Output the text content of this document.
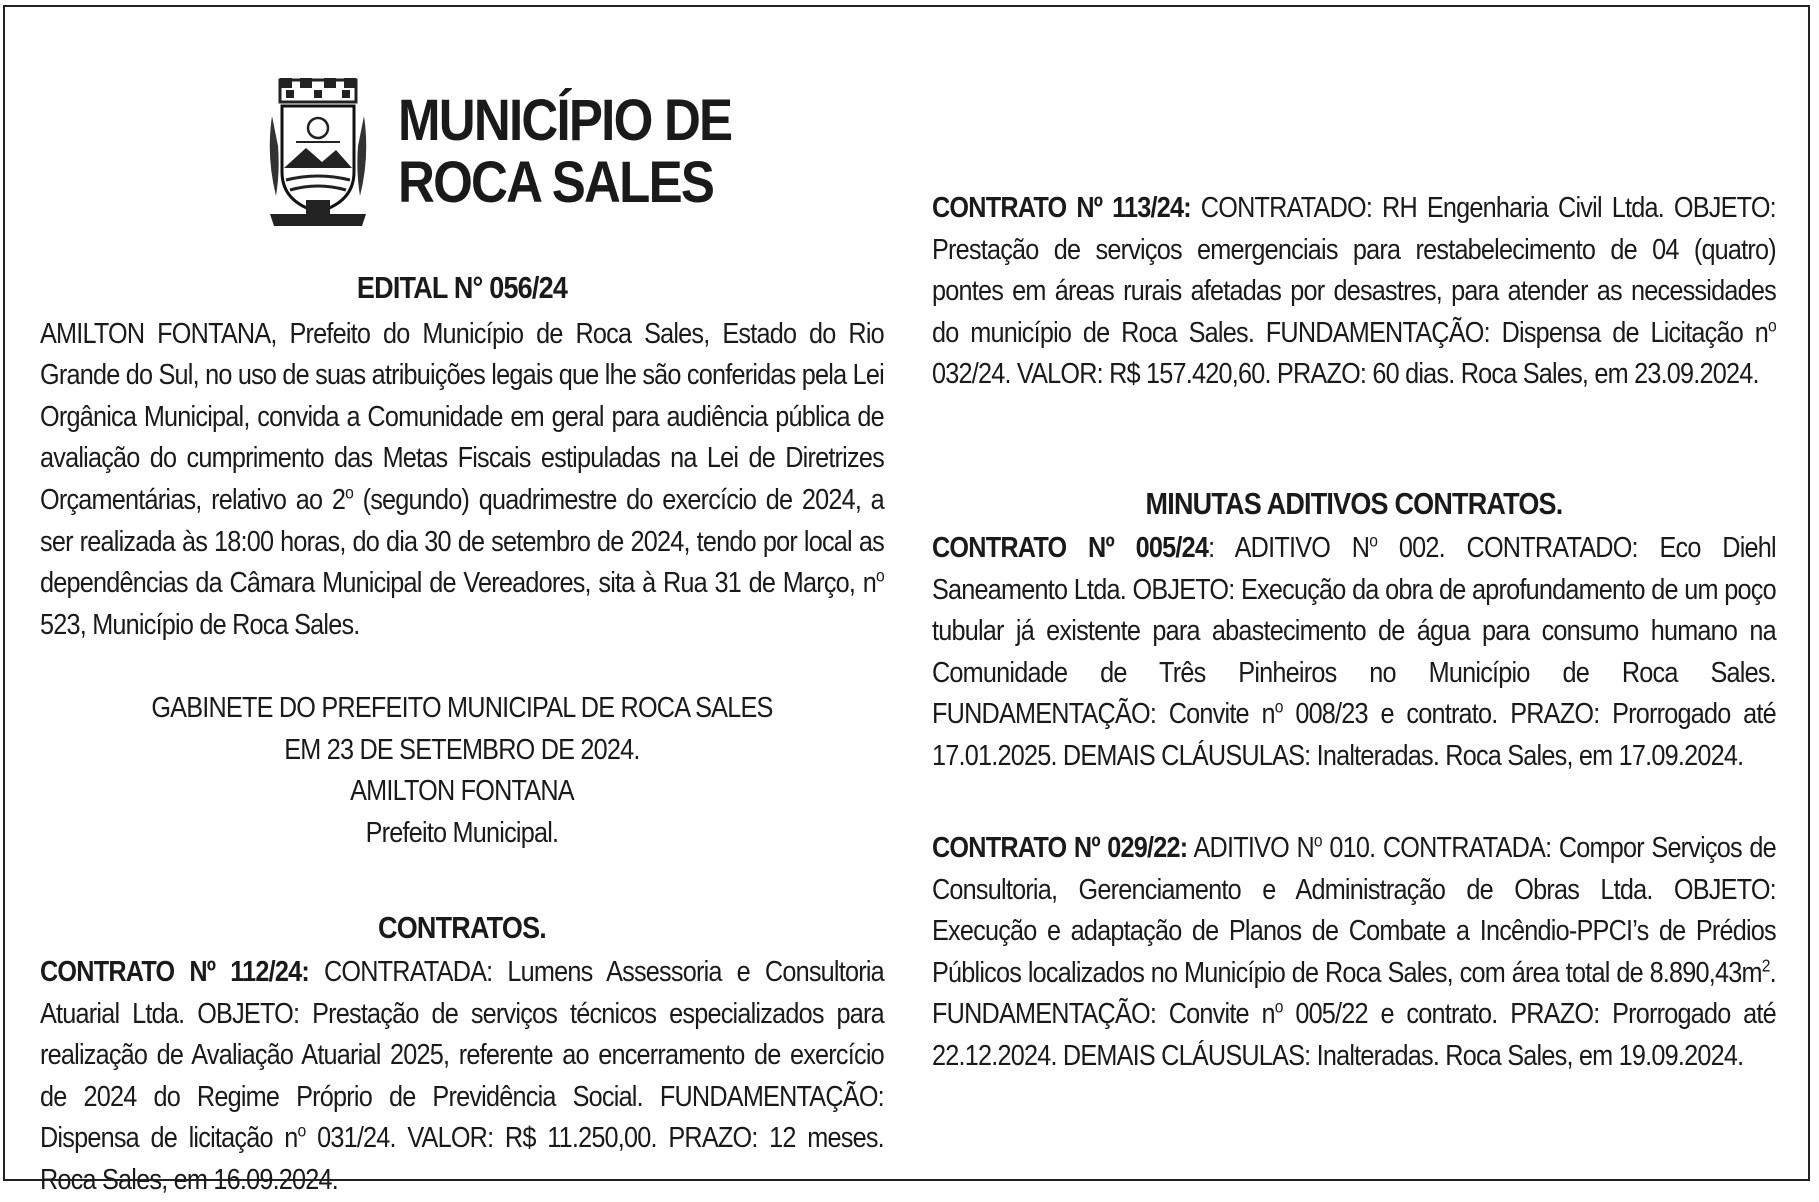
MUNICÍPIO DE
ROCA SALES
EDITAL N° 056/24
AMILTON FONTANA, Prefeito do Município de Roca Sales, Estado do Rio Grande do Sul, no uso de suas atribuições legais que lhe são conferidas pela Lei Orgânica Municipal, convida a Comunidade em geral para audiência pública de avaliação do cumprimento das Metas Fiscais estipuladas na Lei de Diretrizes Orçamentárias, relativo ao 2$^o$ (segundo) quadrimestre do exercício de 2024, a ser realizada às 18:00 horas, do dia 30 de setembro de 2024, tendo por local as dependências da Câmara Municipal de Vereadores, sita à Rua 31 de Março, $n^o$ 523, Município de Roca Sales.
GABINETE DO PREFEITO MUNICIPAL DE ROCA SALES
EM 23 DE SETEMBRO DE 2024.
AMILTON FONTANA
Prefeito Municipal.
CONTRATOS.
CONTRATO Nº 112/24: CONTRATADA: Lumens Assessoria e Consultoria Atuarial Ltda. OBJETO: Prestação de serviços técnicos especializados para realização de Avaliação Atuarial 2025, referente ao encerramento de exercício de 2024 do Regime Próprio de Previdência Social. FUNDAMENTAÇÃO: Dispensa de licitação $n^o$ 031/24. VALOR: R$ 11.250,00. PRAZO: 12 meses. Roca Sales, em 16.09.2024.
CONTRATO Nº 113/24: CONTRATADO: RH Engenharia Civil Ltda. OBJETO: Prestação de serviços emergenciais para restabelecimento de 04 (quatro) pontes em áreas rurais afetadas por desastres, para atender as necessidades do município de Roca Sales. FUNDAMENTAÇÃO: Dispensa de Licitação $n^o$ 032/24. VALOR: R$ 157.420,60. PRAZO: 60 dias. Roca Sales, em 23.09.2024.
MINUTAS ADITIVOS CONTRATOS.
CONTRATO Nº 005/24: ADITIVO $N^o$ 002. CONTRATADO: Eco Diehl Saneamento Ltda. OBJETO: Execução da obra de aprofundamento de um poço tubular já existente para abastecimento de água para consumo humano na Comunidade de Três Pinheiros no Município de Roca Sales. FUNDAMENTAÇÃO: Convite $n^o$ 008/23 e contrato. PRAZO: Prorrogado até 17.01.2025. DEMAIS CLÁUSULAS: Inalteradas. Roca Sales, em 17.09.2024.
CONTRATO Nº 029/22: ADITIVO $N^o$ 010. CONTRATADA: Compor Serviços de Consultoria, Gerenciamento e Administração de Obras Ltda. OBJETO: Execução e adaptação de Planos de Combate a Incêndio-PPCI’s de Prédios Públicos localizados no Município de Roca Sales, com área total de $8.890,43m^2$. FUNDAMENTAÇÃO: Convite $n^o$ 005/22 e contrato. PRAZO: Prorrogado até 22.12.2024. DEMAIS CLÁUSULAS: Inalteradas. Roca Sales, em 19.09.2024.
